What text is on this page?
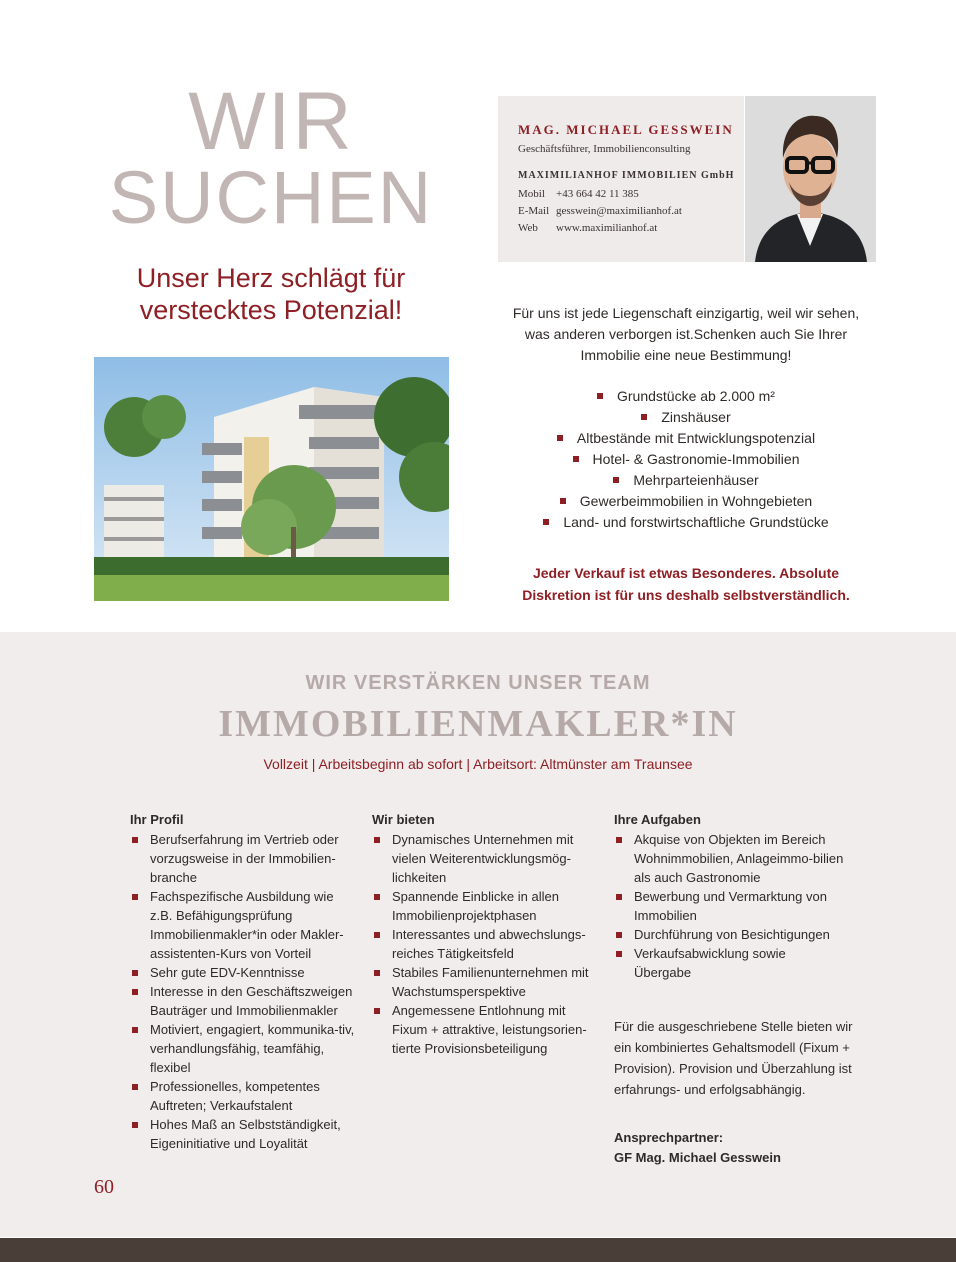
WIR
SUCHEN
Unser Herz schlägt für
verstecktes Potenzial!
MAG. MICHAEL GESSWEIN
Geschäftsführer, Immobilienconsulting
MAXIMILIANHOF IMMOBILIEN GmbH
Mobil	+43 664 42 11 385
E-Mail gesswein@maximilianhof.at
Web	www.maximilianhof.at
Für uns ist jede Liegenschaft einzigartig, weil wir sehen,
was anderen verborgen ist.Schenken auch Sie Ihrer
Immobilie eine neue Bestimmung!
Grundstücke ab 2.000 m²
Zinshäuser
Altbestände mit Entwicklungspotenzial
Hotel- & Gastronomie-Immobilien
Mehrparteienhäuser
Gewerbeimmobilien in Wohngebieten
Land- und forstwirtschaftliche Grundstücke
Jeder Verkauf ist etwas Besonderes. Absolute
Diskretion ist für uns deshalb selbstverständlich.
WIR VERSTÄRKEN UNSER TEAM
IMMOBILIENMAKLER*IN
Vollzeit | Arbeitsbeginn ab sofort | Arbeitsort: Altmünster am Traunsee
Ihr Profil
Berufserfahrung im Vertrieb oder vorzugsweise in der Immobilien-branche
Fachspezifische Ausbildung wie z.B. Befähigungsprüfung Immobilienmakler*in oder Makler-assistenten-Kurs von Vorteil
Sehr gute EDV-Kenntnisse
Interesse in den Geschäftszweigen Bauträger und Immobilienmakler
Motiviert, engagiert, kommunika-tiv, verhandlungsfähig, teamfähig, flexibel
Professionelles, kompetentes Auftreten; Verkaufstalent
Hohes Maß an Selbstständigkeit, Eigeninitiative und Loyalität
Wir bieten
Dynamisches Unternehmen mit vielen Weiterentwicklungsmög-lichkeiten
Spannende Einblicke in allen Immobilienprojektphasen
Interessantes und abwechslungs-reiches Tätigkeitsfeld
Stabiles Familienunternehmen mit Wachstumsperspektive
Angemessene Entlohnung mit Fixum + attraktive, leistungsorien-tierte Provisionsbeteiligung
Ihre Aufgaben
Akquise von Objekten im Bereich Wohnimmobilien, Anlageimmo-bilien als auch Gastronomie
Bewerbung und Vermarktung von Immobilien
Durchführung von Besichtigungen
Verkaufsabwicklung sowie Übergabe

Für die ausgeschriebene Stelle bieten wir ein kombiniertes Gehaltsmodell (Fixum + Provision). Provision und Überzahlung ist erfahrungs- und erfolgsabhängig.

Ansprechpartner:
GF Mag. Michael Gesswein
60
